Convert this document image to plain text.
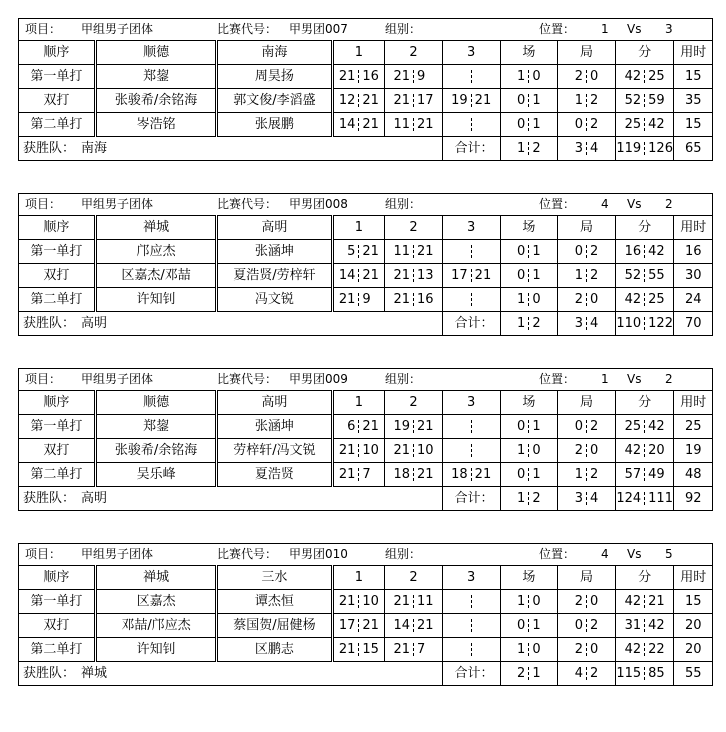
项目： 甲组男子团体	比赛代号： 甲男团007	组别：	位置： 1 Vs 3
顺序	顺德	南海	1	2	3	场	局	分	用时
第一单打	郑鋆	周昊扬	21 16	21 9		1 0	2 0	42 25	15
双打	张骏希/余铭海	郭文俊/李滔盛	12 21	21 17	19 21	0 1	1 2	52 59	35
第二单打	岑浩铭	张展鹏	14 21	11 21		0 1	0 2	25 42	15
获胜队： 南海					合计：	1 2	3 4	119 126	65
项目： 甲组男子团体	比赛代号： 甲男团008	组别：	位置： 4 Vs 2
顺序	禅城	高明	1	2	3	场	局	分	用时
第一单打	邝应杰	张涵坤	5 21	11 21		0 1	0 2	16 42	16
双打	区嘉杰/邓喆	夏浩贤/劳梓轩	14 21	21 13	17 21	0 1	1 2	52 55	30
第二单打	许知钊	冯文锐	21 9	21 16		1 0	2 0	42 25	24
获胜队： 高明					合计：	1 2	3 4	110 122	70
项目： 甲组男子团体	比赛代号： 甲男团009	组别：	位置： 1 Vs 2
顺序	顺德	高明	1	2	3	场	局	分	用时
第一单打	郑鋆	张涵坤	6 21	19 21		0 1	0 2	25 42	25
双打	张骏希/余铭海	劳梓轩/冯文锐	21 10	21 10		1 0	2 0	42 20	19
第二单打	吴乐峰	夏浩贤	21 7	18 21	18 21	0 1	1 2	57 49	48
获胜队： 高明					合计：	1 2	3 4	124 111	92
项目： 甲组男子团体	比赛代号： 甲男团010	组别：	位置： 4 Vs 5
顺序	禅城	三水	1	2	3	场	局	分	用时
第一单打	区嘉杰	谭杰恒	21 10	21 11		1 0	2 0	42 21	15
双打	邓喆/邝应杰	蔡国贺/屈健杨	17 21	14 21		0 1	0 2	31 42	20
第二单打	许知钊	区鹏志	21 15	21 7		1 0	2 0	42 22	20
获胜队： 禅城					合计：	2 1	4 2	115 85	55
